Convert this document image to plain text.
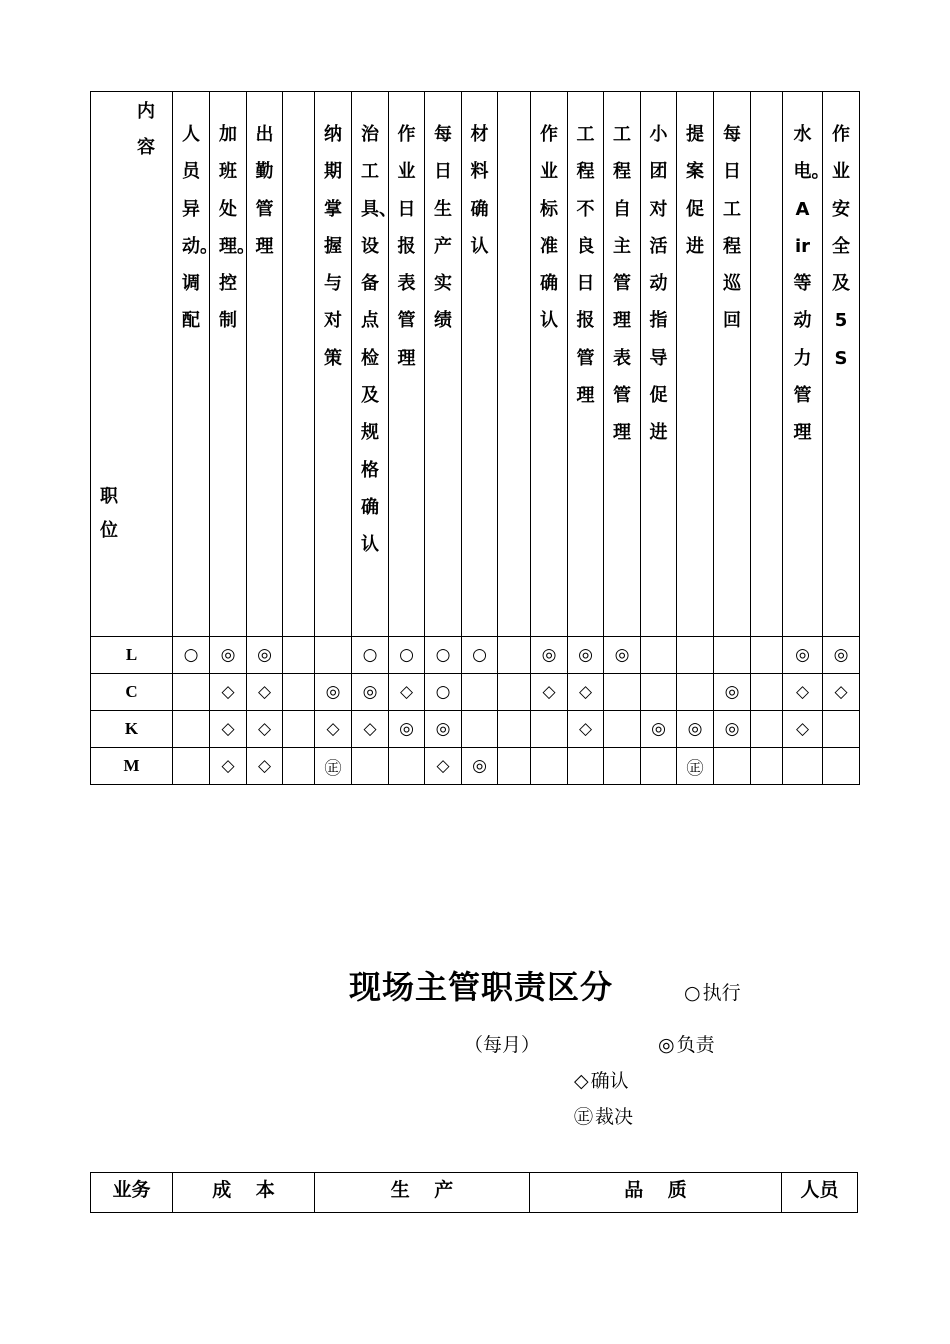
内容
职位	人员异动。调配	加班处理。控制	出勤管理		纳期掌握与对策	治工具、设备点检及规格确认	作业日报表管理	每日生产实绩	材料确认		作业标准确认	工程不良日报管理	工程自主管理表管理	小团对活动指导促进	提案促进	每日工程巡回		水电。Air等动力管理	作业安全及5S

L	○	◎	◎			○	○	○	○		◎	◎	◎					◎	◎
C		◇	◇		◎	◎	◇	○			◇	◇				◎		◇	◇
K		◇	◇		◇	◇	◎	◎				◇		◎	◎	◎		◇	
M		◇	◇		㊣			◇	◎						㊣				
现场主管职责区分
（每月）
○ 执行
◎ 负责
◇ 确认
㊣ 裁决
业务	成 本	生 产	品 质	人员
